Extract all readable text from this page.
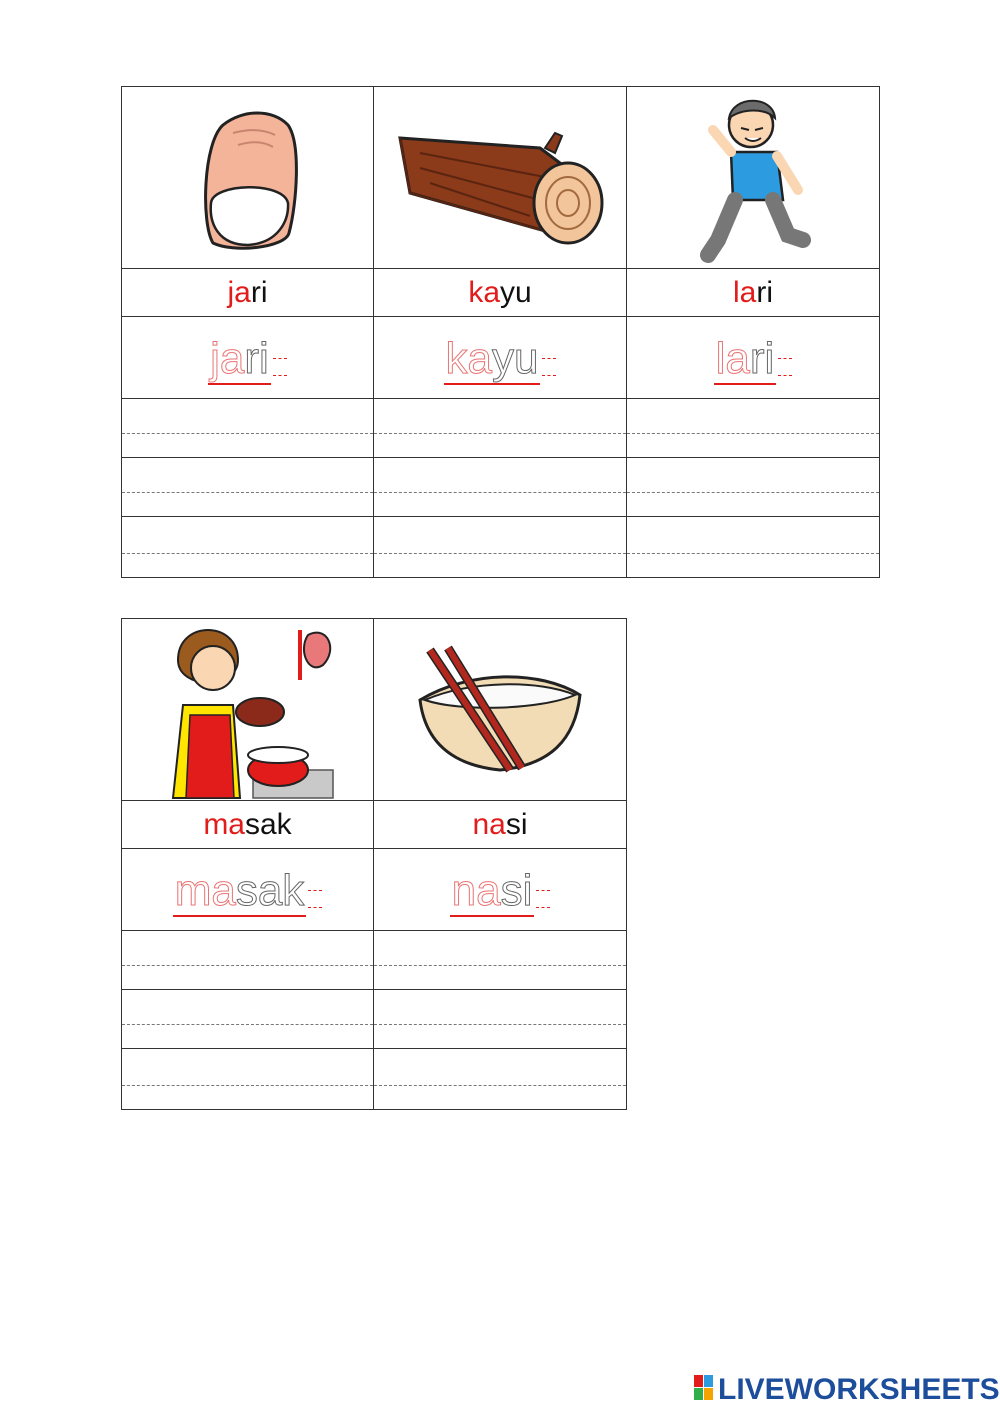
jari	kayu	lari
jari	kayu	lari

masak	nasi
masak	nasi

LIVEWORKSHEETS
